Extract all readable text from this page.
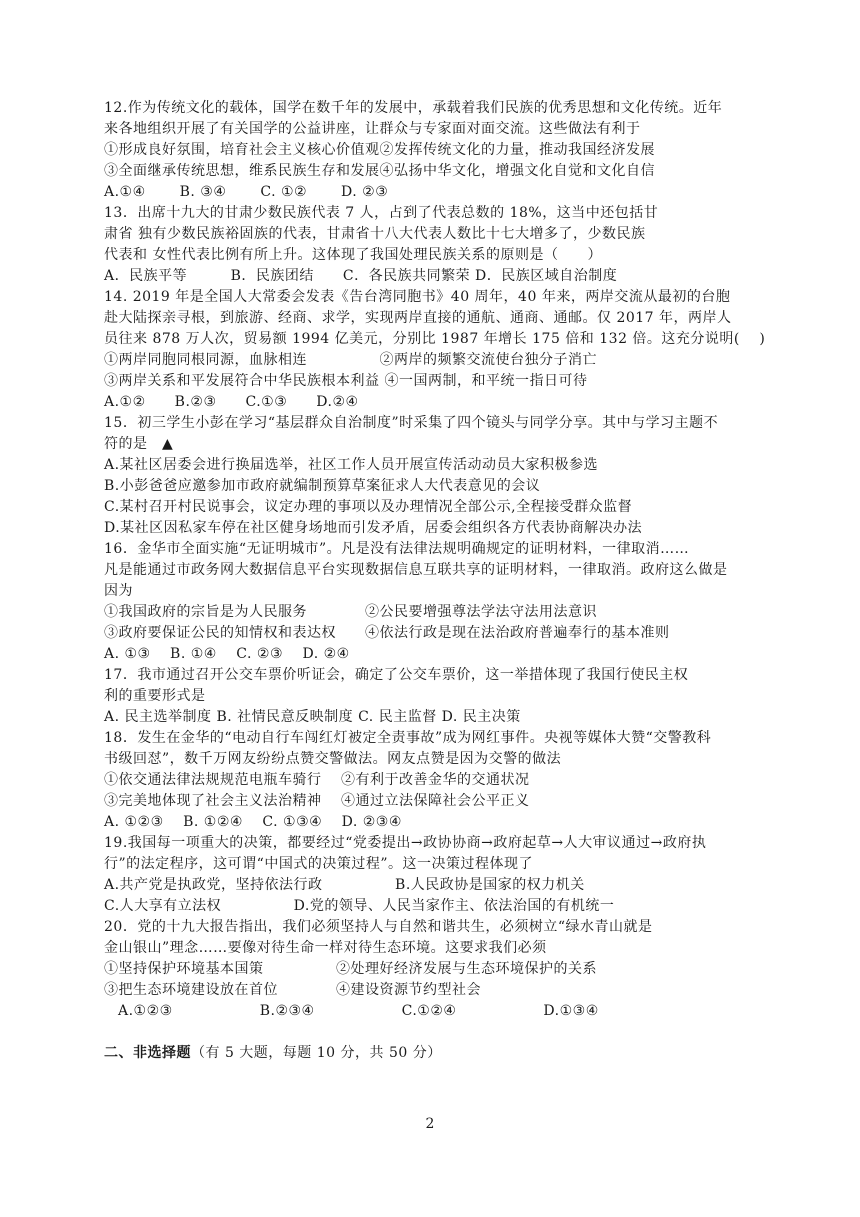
12.作为传统文化的载体，国学在数千年的发展中，承载着我们民族的优秀思想和文化传统。近年
来各地组织开展了有关国学的公益讲座，让群众与专家面对面交流。这些做法有利于
①形成良好氛围，培育社会主义核心价值观②发挥传统文化的力量，推动我国经济发展
③全面继承传统思想，维系民族生存和发展④弘扬中华文化，增强文化自觉和文化自信
A.①④　　 B. ③④　　 C. ①②　　 D. ②③
13．出席十九大的甘肃少数民族代表 7 人，占到了代表总数的 18%，这当中还包括甘
肃省 独有少数民族裕固族的代表，甘肃省十八大代表人数比十七大增多了，少数民族
代表和 女性代表比例有所上升。这体现了我国处理民族关系的原则是（　　）
A．民族平等　　　B．民族团结　　C．各民族共同繁荣 D．民族区域自治制度
14. 2019 年是全国人大常委会发表《告台湾同胞书》40 周年，40 年来，两岸交流从最初的台胞
赴大陆探亲寻根，到旅游、经商、求学，实现两岸直接的通航、通商、通邮。仅 2017 年，两岸人
员往来 878 万人次，贸易额 1994 亿美元，分别比 1987 年增长 175 倍和 132 倍。这充分说明(　 )
①两岸同胞同根同源，血脉相连　　　　　②两岸的频繁交流使台独分子消亡
③两岸关系和平发展符合中华民族根本利益 ④一国两制，和平统一指日可待
A.①②　　B.②③　　C.①③　　D.②④
15．初三学生小彭在学习“基层群众自治制度”时采集了四个镜头与同学分享。其中与学习主题不
符的是　▲
A.某社区居委会进行换届选举，社区工作人员开展宣传活动动员大家积极参选
B.小彭爸爸应邀参加市政府就编制预算草案征求人大代表意见的会议
C.某村召开村民说事会，议定办理的事项以及办理情况全部公示,全程接受群众监督
D.某社区因私家车停在社区健身场地而引发矛盾，居委会组织各方代表协商解决办法
16．金华市全面实施“无证明城市”。凡是没有法律法规明确规定的证明材料，一律取消……
凡是能通过市政务网大数据信息平台实现数据信息互联共享的证明材料，一律取消。政府这么做是
因为
①我国政府的宗旨是为人民服务　　　　②公民要增强尊法学法守法用法意识
③政府要保证公民的知情权和表达权　　④依法行政是现在法治政府普遍奉行的基本准则
A. ①③　 B. ①④　 C. ②③　 D. ②④
17．我市通过召开公交车票价听证会，确定了公交车票价，这一举措体现了我国行使民主权
利的重要形式是
A. 民主选举制度 B. 社情民意反映制度 C. 民主监督 D. 民主决策
18．发生在金华的“电动自行车闯红灯被定全责事故”成为网红事件。央视等媒体大赞“交警教科
书级回怼”，数千万网友纷纷点赞交警做法。网友点赞是因为交警的做法
①依交通法律法规规范电瓶车骑行　 ②有利于改善金华的交通状况
③完美地体现了社会主义法治精神　 ④通过立法保障社会公平正义
A. ①②③　 B. ①②④　 C. ①③④　 D. ②③④
19.我国每一项重大的决策，都要经过“党委提出→政协协商→政府起草→人大审议通过→政府执
行”的法定程序，这可谓“中国式的决策过程”。这一决策过程体现了
A.共产党是执政党，坚持依法行政　　　　　B.人民政协是国家的权力机关
C.人大享有立法权　　　　　D.党的领导、人民当家作主、依法治国的有机统一
20．党的十九大报告指出，我们必须坚持人与自然和谐共生，必须树立“绿水青山就是
金山银山”理念……要像对待生命一样对待生态环境。这要求我们必须
①坚持保护环境基本国策　　　　　②处理好经济发展与生态环境保护的关系
③把生态环境建设放在首位　　　　④建设资源节约型社会
A.①②③　　　　　　B.②③④　　　　　　C.①②④　　　　　　D.①③④
二、非选择题（有 5 大题，每题 10 分，共 50 分）
2
